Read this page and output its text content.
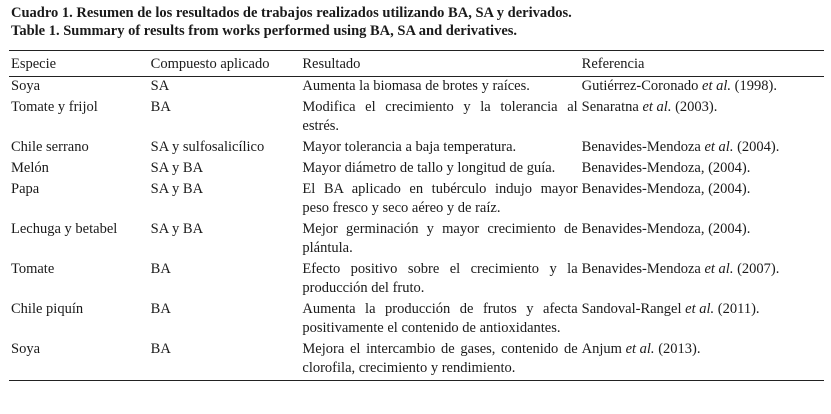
Cuadro 1. Resumen de los resultados de trabajos realizados utilizando BA, SA y derivados.
Table 1. Summary of results from works performed using BA, SA and derivatives.
Especie	Compuesto aplicado	Resultado	Referencia
Soya	SA	Aumenta la biomasa de brotes y raíces.	Gutiérrez-Coronado et al. (1998).
Tomate y frijol	BA	Modifica el crecimiento y la tolerancia al estrés.	Senaratna et al. (2003).
Chile serrano	SA y sulfosalicílico	Mayor tolerancia a baja temperatura.	Benavides-Mendoza et al. (2004).
Melón	SA y BA	Mayor diámetro de tallo y longitud de guía.	Benavides-Mendoza, (2004).
Papa	SA y BA	El BA aplicado en tubérculo indujo mayor peso fresco y seco aéreo y de raíz.	Benavides-Mendoza, (2004).
Lechuga y betabel	SA y BA	Mejor germinación y mayor crecimiento de plántula.	Benavides-Mendoza, (2004).
Tomate	BA	Efecto positivo sobre el crecimiento y la producción del fruto.	Benavides-Mendoza et al. (2007).
Chile piquín	BA	Aumenta la producción de frutos y afecta positivamente el contenido de antioxidantes.	Sandoval-Rangel et al. (2011).
Soya	BA	Mejora el intercambio de gases, contenido de clorofila, crecimiento y rendimiento.	Anjum et al. (2013).
